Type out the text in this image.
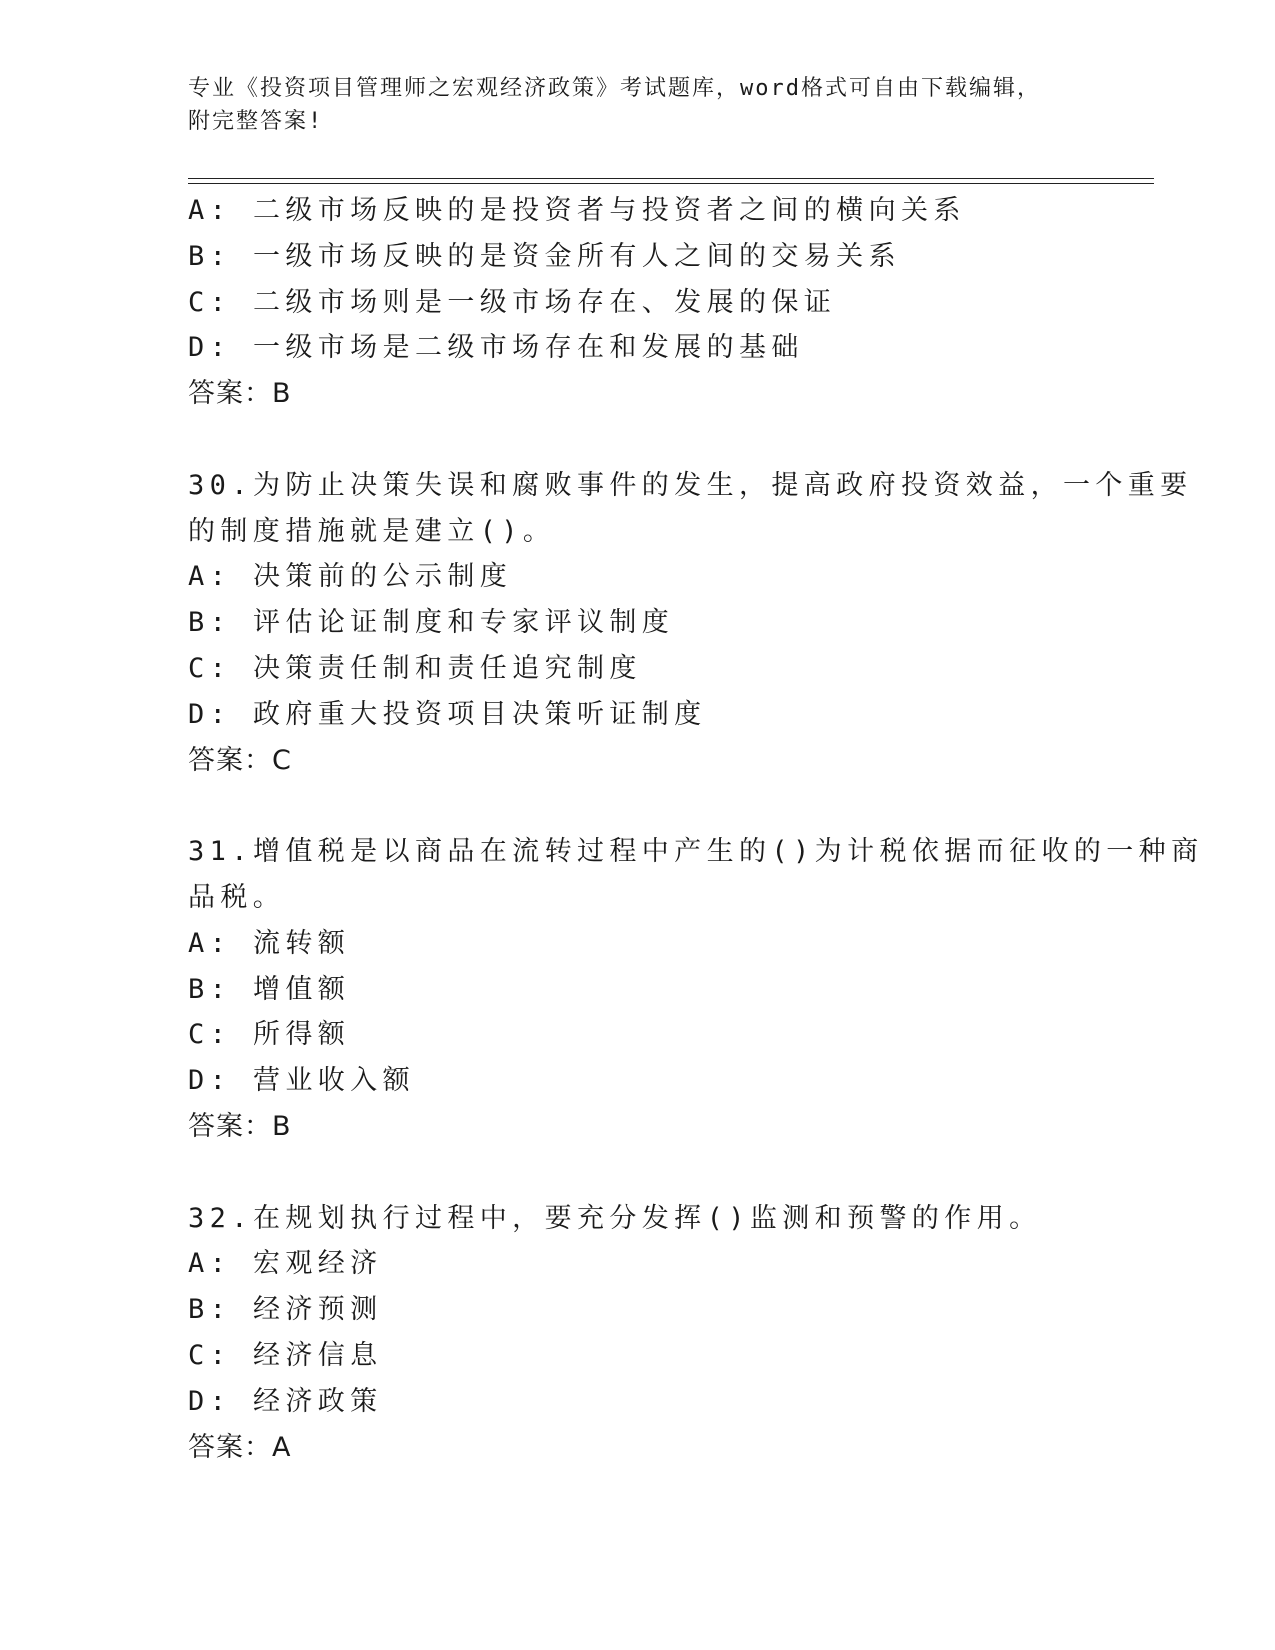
专业《投资项目管理师之宏观经济政策》考试题库，word格式可自由下载编辑，
附完整答案!
A: 二级市场反映的是投资者与投资者之间的横向关系
B: 一级市场反映的是资金所有人之间的交易关系
C: 二级市场则是一级市场存在、发展的保证
D: 一级市场是二级市场存在和发展的基础
答案：B
30.为防止决策失误和腐败事件的发生，提高政府投资效益，一个重要
的制度措施就是建立()。
A: 决策前的公示制度
B: 评估论证制度和专家评议制度
C: 决策责任制和责任追究制度
D: 政府重大投资项目决策听证制度
答案：C
31.增值税是以商品在流转过程中产生的()为计税依据而征收的一种商
品税。
A: 流转额
B: 增值额
C: 所得额
D: 营业收入额
答案：B
32.在规划执行过程中，要充分发挥()监测和预警的作用。
A: 宏观经济
B: 经济预测
C: 经济信息
D: 经济政策
答案：A
